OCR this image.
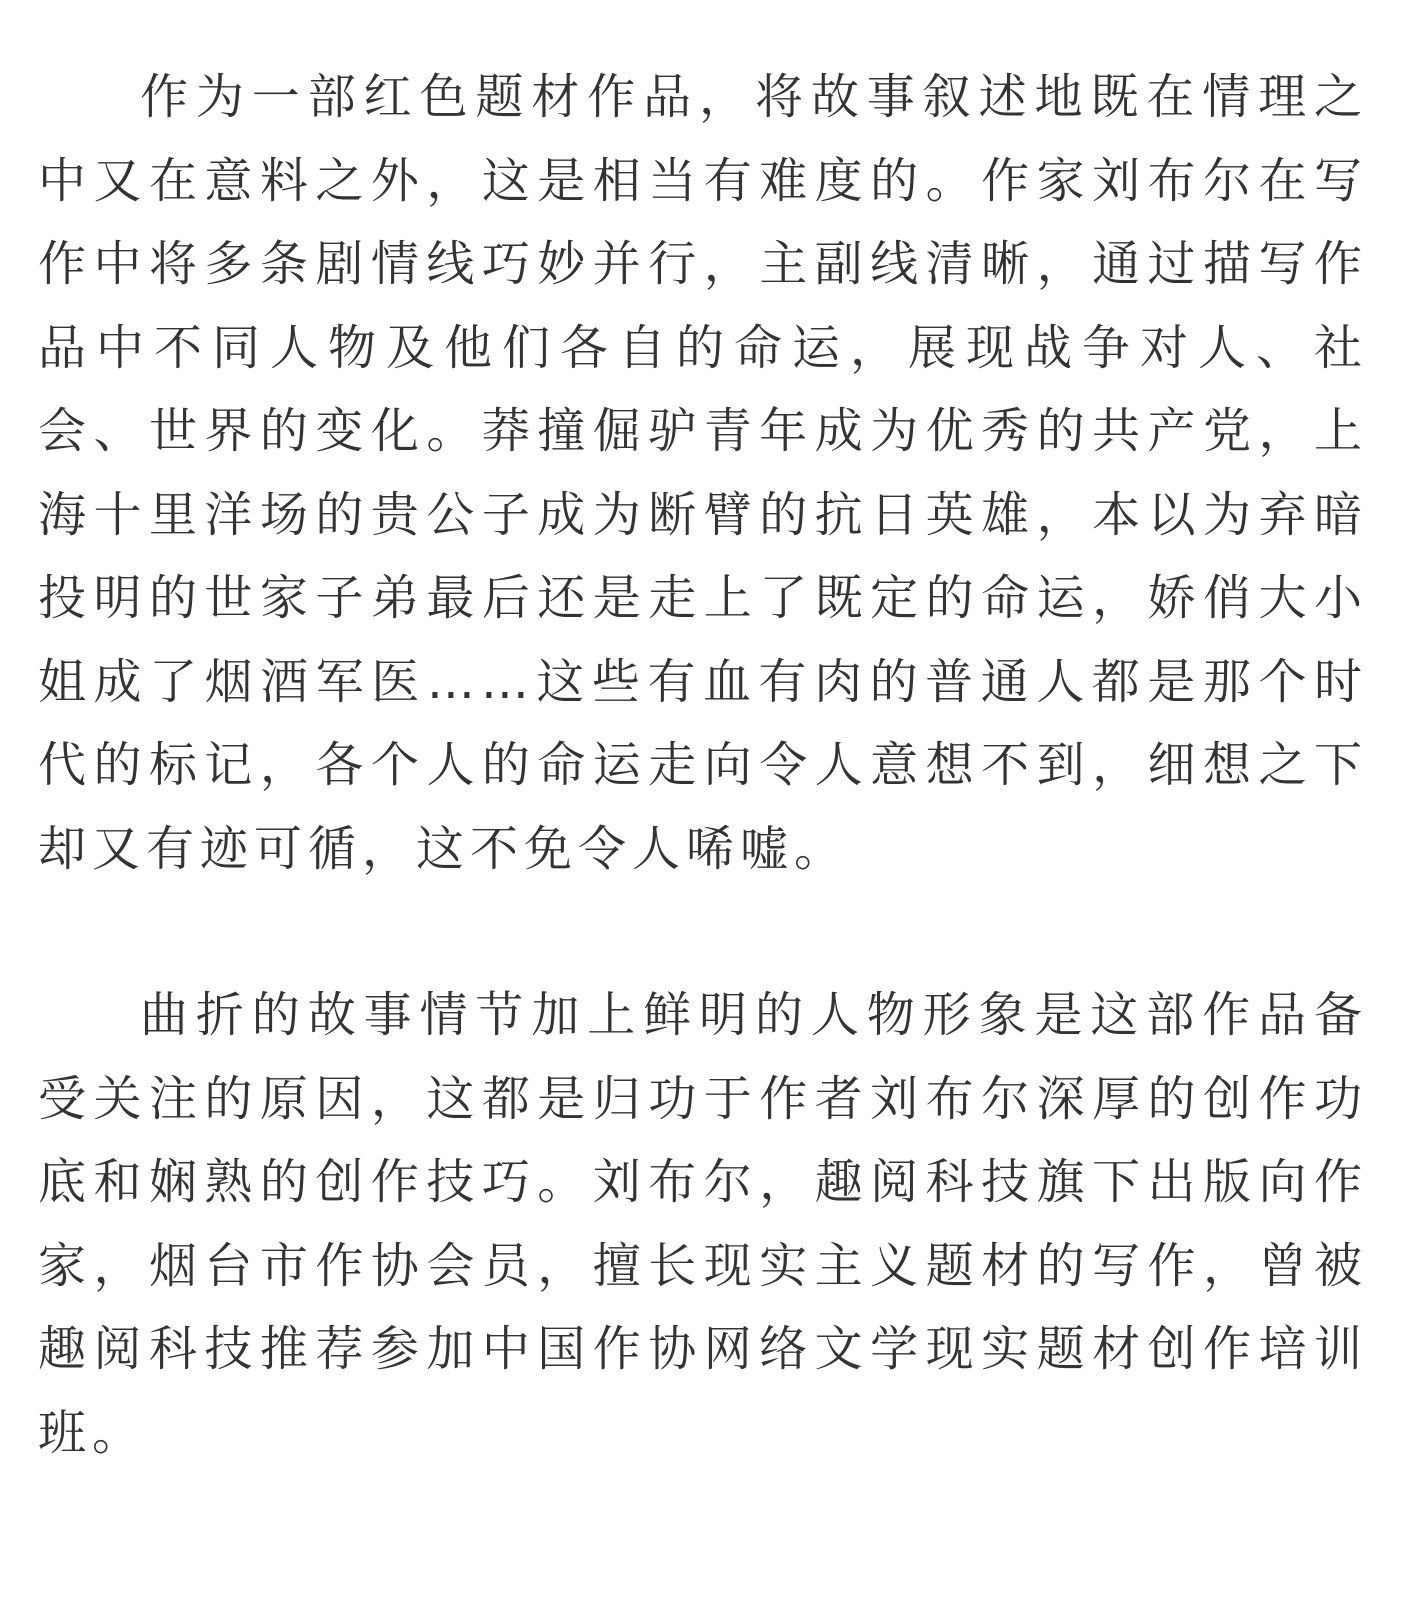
作为一部红色题材作品，将故事叙述地既在情理之中又在意料之外，这是相当有难度的。作家刘布尔在写作中将多条剧情线巧妙并行，主副线清晰，通过描写作品中不同人物及他们各自的命运，展现战争对人、社会、世界的变化。莽撞倔驴青年成为优秀的共产党，上海十里洋场的贵公子成为断臂的抗日英雄，本以为弃暗投明的世家子弟最后还是走上了既定的命运，娇俏大小姐成了烟酒军医……这些有血有肉的普通人都是那个时代的标记，各个人的命运走向令人意想不到，细想之下却又有迹可循，这不免令人唏嘘。

曲折的故事情节加上鲜明的人物形象是这部作品备受关注的原因，这都是归功于作者刘布尔深厚的创作功底和娴熟的创作技巧。刘布尔，趣阅科技旗下出版向作家，烟台市作协会员，擅长现实主义题材的写作，曾被趣阅科技推荐参加中国作协网络文学现实题材创作培训班。
